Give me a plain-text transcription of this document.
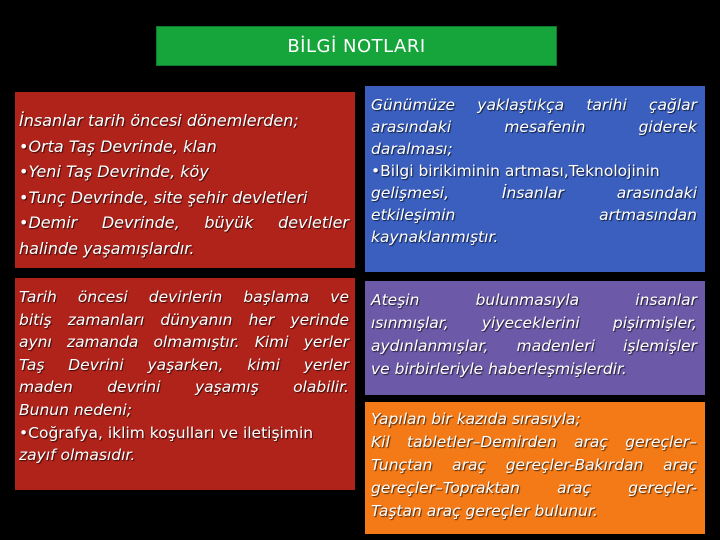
BİLGİ NOTLARI
İnsanlar tarih öncesi dönemlerden;
•Orta Taş Devrinde, klan
•Yeni Taş Devrinde, köy
•Tunç Devrinde, site şehir devletleri
•Demir Devrinde, büyük devletler
halinde yaşamışlardır.
Günümüze yaklaştıkça tarihi çağlar
arasındaki mesafenin giderek
daralması;
•Bilgi birikiminin artması,Teknolojinin
gelişmesi, İnsanlar arasındaki
etkileşimin artmasından
kaynaklanmıştır.
Tarih öncesi devirlerin başlama ve
bitiş zamanları dünyanın her yerinde
aynı zamanda olmamıştır. Kimi yerler
Taş Devrini yaşarken, kimi yerler
maden devrini yaşamış olabilir.
Bunun nedeni;
•Coğrafya, iklim koşulları ve iletişimin
zayıf olmasıdır.
Ateşin bulunmasıyla insanlar
ısınmışlar, yiyeceklerini pişirmişler,
aydınlanmışlar, madenleri işlemişler
ve birbirleriyle haberleşmişlerdir.
Yapılan bir kazıda sırasıyla;
Kil tabletler–Demirden araç gereçler–
Tunçtan araç gereçler-Bakırdan araç
gereçler–Topraktan araç gereçler-
Taştan araç gereçler bulunur.
